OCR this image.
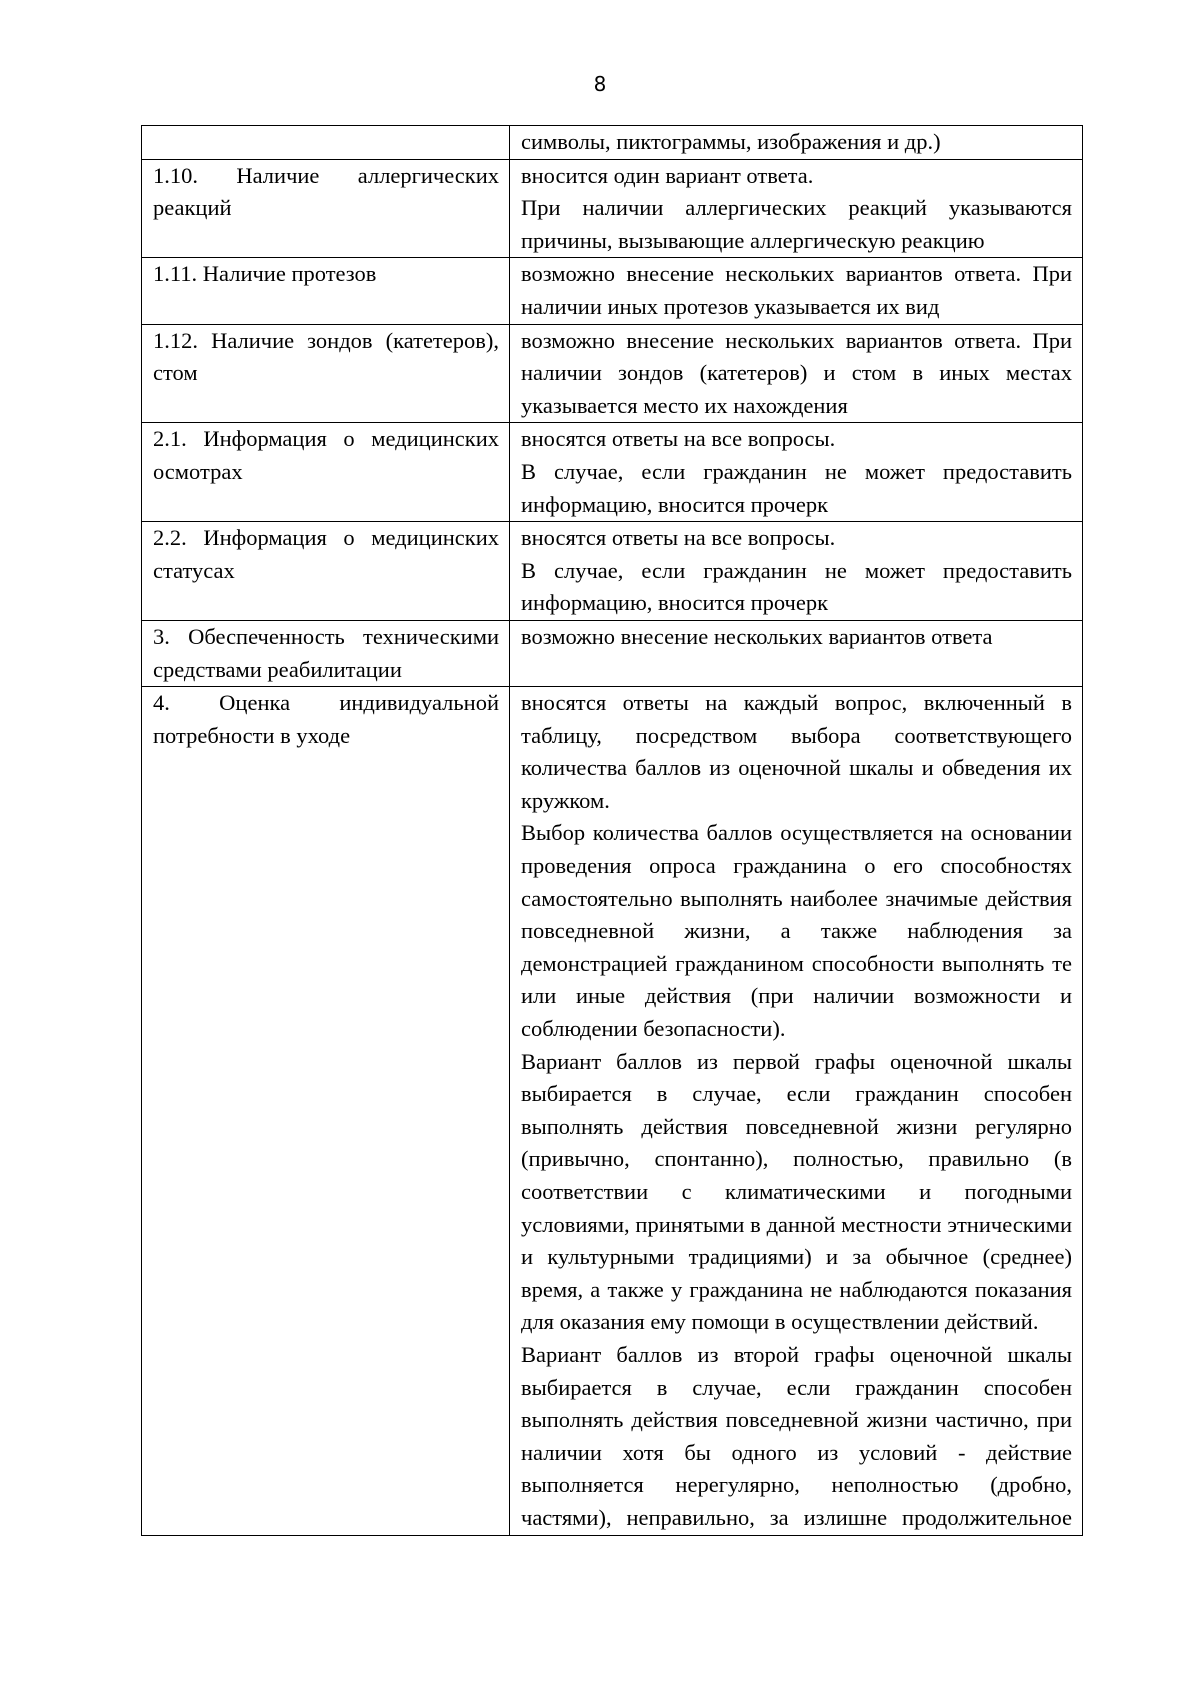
8

	символы, пиктограммы, изображения и др.)

1.10. Наличие аллергических реакций	вносится один вариант ответа.
При наличии аллергических реакций указываются причины, вызывающие аллергическую реакцию

1.11. Наличие протезов	возможно внесение нескольких вариантов ответа. При наличии иных протезов указывается их вид

1.12. Наличие зондов (катетеров), стом	возможно внесение нескольких вариантов ответа. При наличии зондов (катетеров) и стом в иных местах указывается место их нахождения

2.1. Информация о медицинских осмотрах	вносятся ответы на все вопросы.
В случае, если гражданин не может предоставить информацию, вносится прочерк

2.2. Информация о медицинских статусах	вносятся ответы на все вопросы.
В случае, если гражданин не может предоставить информацию, вносится прочерк

3. Обеспеченность техническими средствами реабилитации	возможно внесение нескольких вариантов ответа

4. Оценка индивидуальной потребности в уходе	вносятся ответы на каждый вопрос, включенный в таблицу, посредством выбора соответствующего количества баллов из оценочной шкалы и обведения их кружком.
Выбор количества баллов осуществляется на основании проведения опроса гражданина о его способностях самостоятельно выполнять наиболее значимые действия повседневной жизни, а также наблюдения за демонстрацией гражданином способности выполнять те или иные действия (при наличии возможности и соблюдении безопасности).
Вариант баллов из первой графы оценочной шкалы выбирается в случае, если гражданин способен выполнять действия повседневной жизни регулярно (привычно, спонтанно), полностью, правильно (в соответствии с климатическими и погодными условиями, принятыми в данной местности этническими и культурными традициями) и за обычное (среднее) время, а также у гражданина не наблюдаются показания для оказания ему помощи в осуществлении действий.
Вариант баллов из второй графы оценочной шкалы выбирается в случае, если гражданин способен выполнять действия повседневной жизни частично, при наличии хотя бы одного из условий - действие выполняется нерегулярно, неполностью (дробно, частями), неправильно, за излишне продолжительное
